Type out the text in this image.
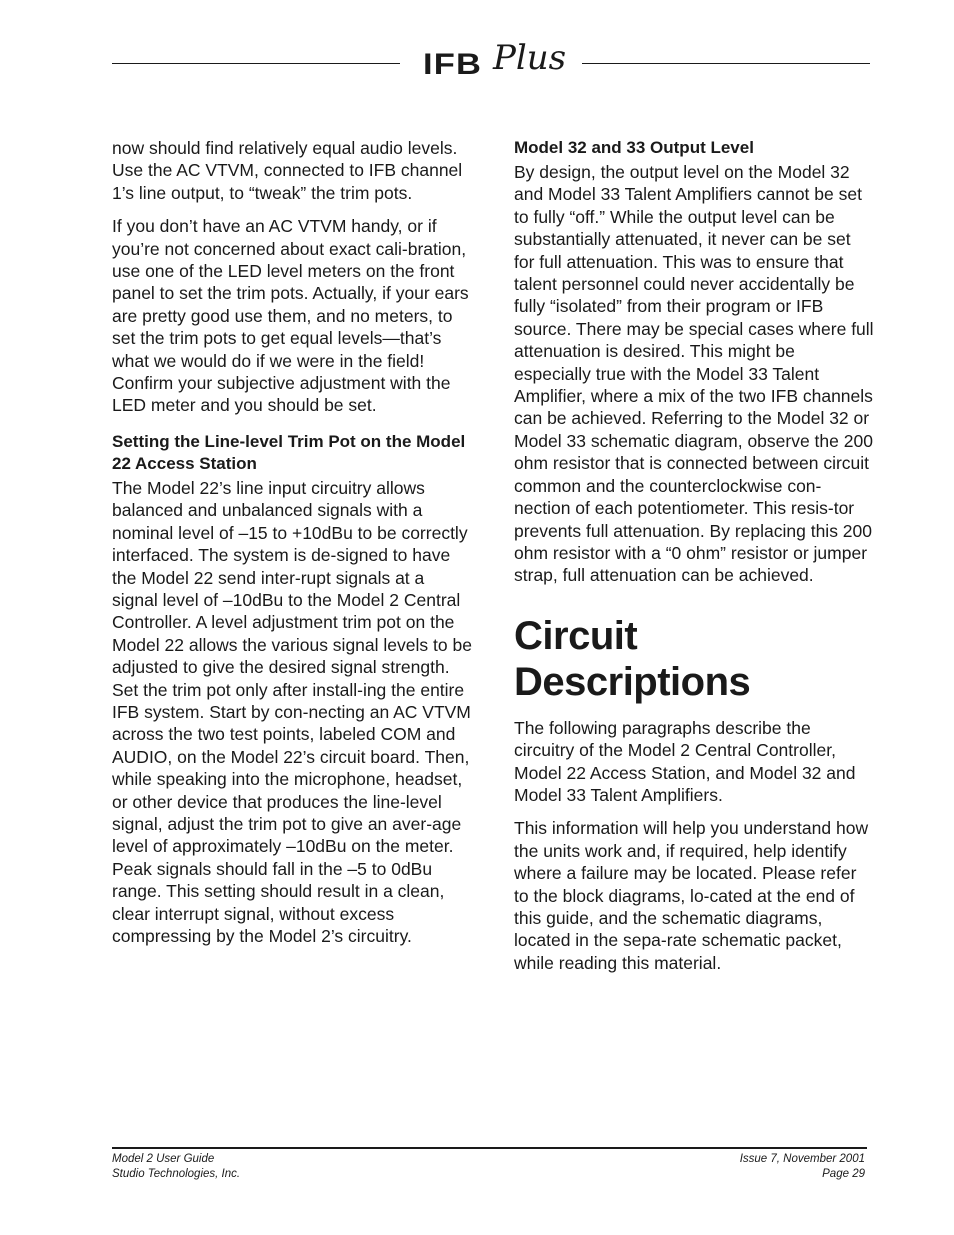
IFB Plus

now should find relatively equal audio levels. Use the AC VTVM, connected to IFB channel 1’s line output, to “tweak” the trim pots.

If you don’t have an AC VTVM handy, or if you’re not concerned about exact cali-bration, use one of the LED level meters on the front panel to set the trim pots. Actually, if your ears are pretty good use them, and no meters, to set the trim pots to get equal levels—that’s what we would do if we were in the field! Confirm your subjective adjustment with the LED meter and you should be set.

Setting the Line-level Trim Pot on the Model 22 Access Station

The Model 22’s line input circuitry allows balanced and unbalanced signals with a nominal level of –15 to +10dBu to be correctly interfaced. The system is de-signed to have the Model 22 send inter-rupt signals at a signal level of –10dBu to the Model 2 Central Controller. A level adjustment trim pot on the Model 22 allows the various signal levels to be adjusted to give the desired signal strength. Set the trim pot only after install-ing the entire IFB system. Start by con-necting an AC VTVM across the two test points, labeled COM and AUDIO, on the Model 22’s circuit board. Then, while speaking into the microphone, headset, or other device that produces the line-level signal, adjust the trim pot to give an aver-age level of approximately –10dBu on the meter. Peak signals should fall in the –5 to 0dBu range. This setting should result in a clean, clear interrupt signal, without excess compressing by the Model 2’s circuitry.

Model 32 and 33 Output Level

By design, the output level on the Model 32 and Model 33 Talent Amplifiers cannot be set to fully “off.” While the output level can be substantially attenuated, it never can be set for full attenuation. This was to ensure that talent personnel could never accidentally be fully “isolated” from their program or IFB source. There may be special cases where full attenuation is desired. This might be especially true with the Model 33 Talent Amplifier, where a mix of the two IFB channels can be achieved. Referring to the Model 32 or Model 33 schematic diagram, observe the 200 ohm resistor that is connected between circuit common and the counterclockwise con-nection of each potentiometer. This resis-tor prevents full attenuation. By replacing this 200 ohm resistor with a “0 ohm” resistor or jumper strap, full attenuation can be achieved.

Circuit Descriptions

The following paragraphs describe the circuitry of the Model 2 Central Controller, Model 22 Access Station, and Model 32 and Model 33 Talent Amplifiers.

This information will help you understand how the units work and, if required, help identify where a failure may be located. Please refer to the block diagrams, lo-cated at the end of this guide, and the schematic diagrams, located in the sepa-rate schematic packet, while reading this material.

Model 2 User Guide
Studio Technologies, Inc.
Issue 7, November 2001
Page 29
